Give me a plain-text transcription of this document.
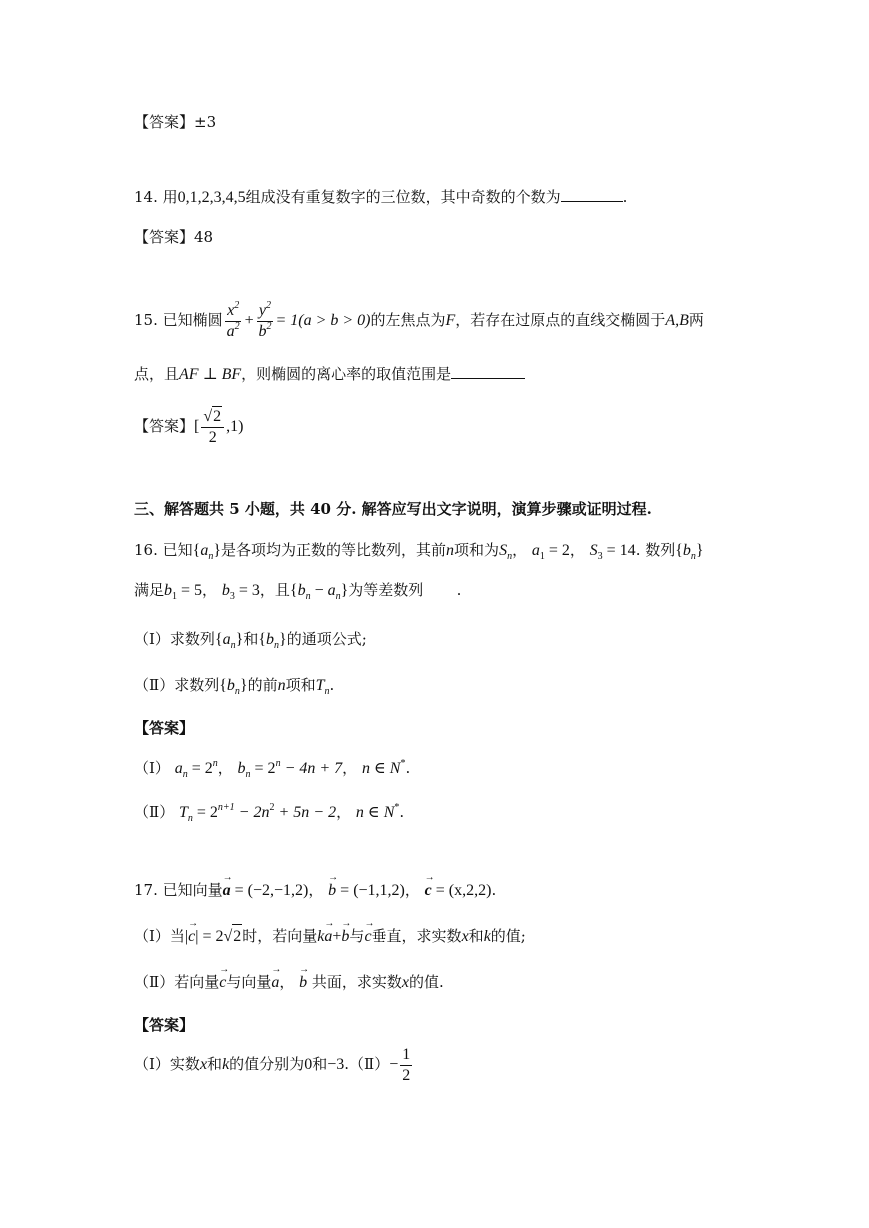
【答案】±3
14. 用0,1,2,3,4,5组成没有重复数字的三位数，其中奇数的个数为	.
【答案】48
15. 已知椭圆 $\frac{x^2}{a^2} + \frac{y^2}{b^2} = 1(a > b > 0)$的左焦点为F，若存在过原点的直线交椭圆于A,B两
点，且AF ⊥ BF，则椭圆的离心率的取值范围是
【答案】[ $\frac{√2}{2} ,1$)
三、解答题共 5 小题，共 40 分. 解答应写出文字说明，演算步骤或证明过程.
16. 已知$\{a_n\}$是各项均为正数的等比数列，其前n项和为$S_n$， $a_1 = 2$， $S_3 = 14$. 数列$\{b_n\}$
满足$b_1 = 5$， $b_3 = 3$，且$\{b_n - a_n\}$为等差数列       .
（Ⅰ）求数列$\{a_n\}$和$\{b_n\}$的通项公式;
（Ⅱ）求数列$\{b_n\}$的前n项和$T_n$.
【答案】
（Ⅰ） $a_n = 2^n$， $b_n = 2^n - 4n + 7$， n ∈ N*.
（Ⅱ） $T_n = 2^{n+1} - 2n^2 + 5n - 2$， n ∈ N*.
17. 已知向量→ a = (−2,−1,2)， → b = (−1,1,2)， → c = (x,2,2).
（Ⅰ）当|→ c| = 2√2时，若向量k→ a+→ b与→ c垂直，求实数x和k的值;
（Ⅱ）若向量→ c与向量→ a， → b 共面，求实数x的值.
【答案】
（Ⅰ）实数x和k的值分别为0和−3.（Ⅱ）− $\frac{1}{2}$
